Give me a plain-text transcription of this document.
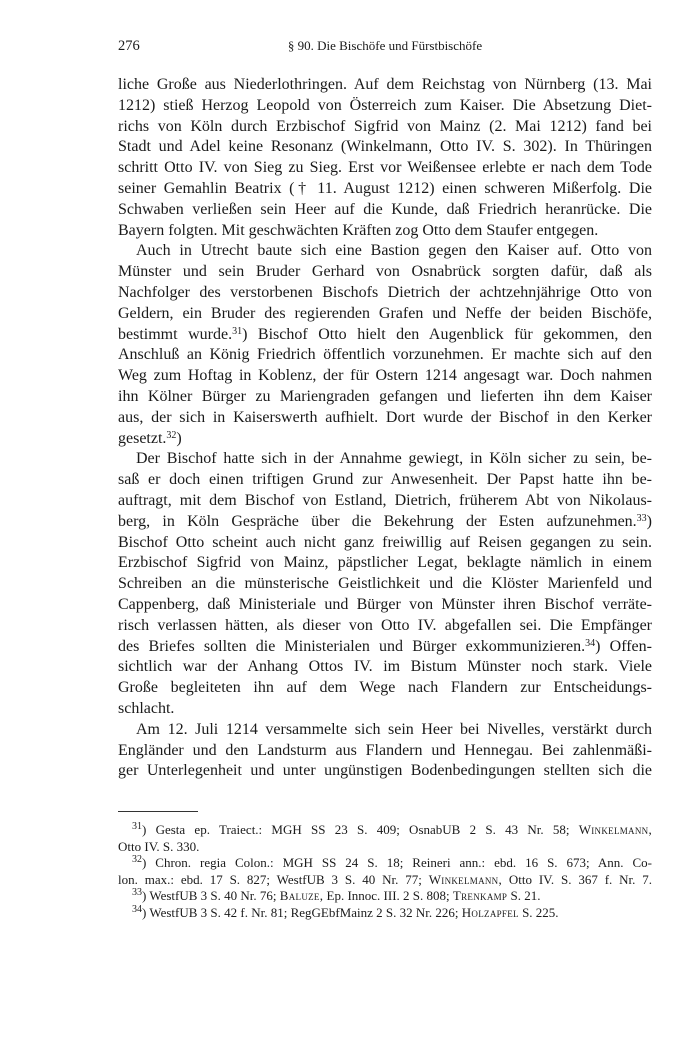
276	§ 90. Die Bischöfe und Fürstbischöfe
liche Große aus Niederlothringen. Auf dem Reichstag von Nürnberg (13. Mai
1212) stieß Herzog Leopold von Österreich zum Kaiser. Die Absetzung Diet-
richs von Köln durch Erzbischof Sigfrid von Mainz (2. Mai 1212) fand bei
Stadt und Adel keine Resonanz (Winkelmann, Otto IV. S. 302). In Thüringen
schritt Otto IV. von Sieg zu Sieg. Erst vor Weißensee erlebte er nach dem Tode
seiner Gemahlin Beatrix († 11. August 1212) einen schweren Mißerfolg. Die
Schwaben verließen sein Heer auf die Kunde, daß Friedrich heranrücke. Die
Bayern folgten. Mit geschwächten Kräften zog Otto dem Staufer entgegen.
Auch in Utrecht baute sich eine Bastion gegen den Kaiser auf. Otto von
Münster und sein Bruder Gerhard von Osnabrück sorgten dafür, daß als
Nachfolger des verstorbenen Bischofs Dietrich der achtzehnjährige Otto von
Geldern, ein Bruder des regierenden Grafen und Neffe der beiden Bischöfe,
bestimmt wurde.$^{31}$) Bischof Otto hielt den Augenblick für gekommen, den
Anschluß an König Friedrich öffentlich vorzunehmen. Er machte sich auf den
Weg zum Hoftag in Koblenz, der für Ostern 1214 angesagt war. Doch nahmen
ihn Kölner Bürger zu Mariengraden gefangen und lieferten ihn dem Kaiser
aus, der sich in Kaiserswerth aufhielt. Dort wurde der Bischof in den Kerker
gesetzt.$^{32}$)
Der Bischof hatte sich in der Annahme gewiegt, in Köln sicher zu sein, be-
saß er doch einen triftigen Grund zur Anwesenheit. Der Papst hatte ihn be-
auftragt, mit dem Bischof von Estland, Dietrich, früherem Abt von Nikolaus-
berg, in Köln Gespräche über die Bekehrung der Esten aufzunehmen.$^{33}$)
Bischof Otto scheint auch nicht ganz freiwillig auf Reisen gegangen zu sein.
Erzbischof Sigfrid von Mainz, päpstlicher Legat, beklagte nämlich in einem
Schreiben an die münsterische Geistlichkeit und die Klöster Marienfeld und
Cappenberg, daß Ministeriale und Bürger von Münster ihren Bischof verräte-
risch verlassen hätten, als dieser von Otto IV. abgefallen sei. Die Empfänger
des Briefes sollten die Ministerialen und Bürger exkommunizieren.$^{34}$) Offen-
sichtlich war der Anhang Ottos IV. im Bistum Münster noch stark. Viele
Große begleiteten ihn auf dem Wege nach Flandern zur Entscheidungs-
schlacht.
Am 12. Juli 1214 versammelte sich sein Heer bei Nivelles, verstärkt durch
Engländer und den Landsturm aus Flandern und Hennegau. Bei zahlenmäßi-
ger Unterlegenheit und unter ungünstigen Bodenbedingungen stellten sich die
$^{31}$) Gesta ep. Traiect.: MGH SS 23 S. 409; OsnabUB 2 S. 43 Nr. 58; Winkelmann,
Otto IV. S. 330.
$^{32}$) Chron. regia Colon.: MGH SS 24 S. 18; Reineri ann.: ebd. 16 S. 673; Ann. Co-
lon. max.: ebd. 17 S. 827; WestfUB 3 S. 40 Nr. 77; Winkelmann, Otto IV. S. 367 f. Nr. 7.
$^{33}$) WestfUB 3 S. 40 Nr. 76; Baluze, Ep. Innoc. III. 2 S. 808; Trenkamp S. 21.
$^{34}$) WestfUB 3 S. 42 f. Nr. 81; RegGEbfMainz 2 S. 32 Nr. 226; Holzapfel S. 225.
